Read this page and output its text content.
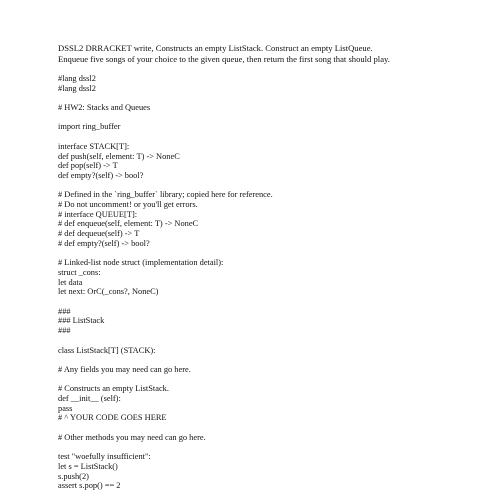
DSSL2 DRRACKET write, Constructs an empty ListStack. Construct an empty ListQueue.

Enqueue five songs of your choice to the given queue, then return the first song that should play.

#lang dssl2
#lang dssl2
# HW2: Stacks and Queues
import ring_buffer
interface STACK[T]:
def push(self, element: T) -> NoneC
def pop(self) -> T
def empty?(self) -> bool?
# Defined in the `ring_buffer` library; copied here for reference.
# Do not uncomment! or you'll get errors.
# interface QUEUE[T]:
# def enqueue(self, element: T) -> NoneC
# def dequeue(self) -> T
# def empty?(self) -> bool?
# Linked-list node struct (implementation detail):
struct _cons:
let data
let next: OrC(_cons?, NoneC)
###
### ListStack
###
class ListStack[T] (STACK):
# Any fields you may need can go here.
# Constructs an empty ListStack.
def __init__ (self):
pass
# ^ YOUR CODE GOES HERE
# Other methods you may need can go here.
test "woefully insufficient":
let s = ListStack()
s.push(2)
assert s.pop() == 2
